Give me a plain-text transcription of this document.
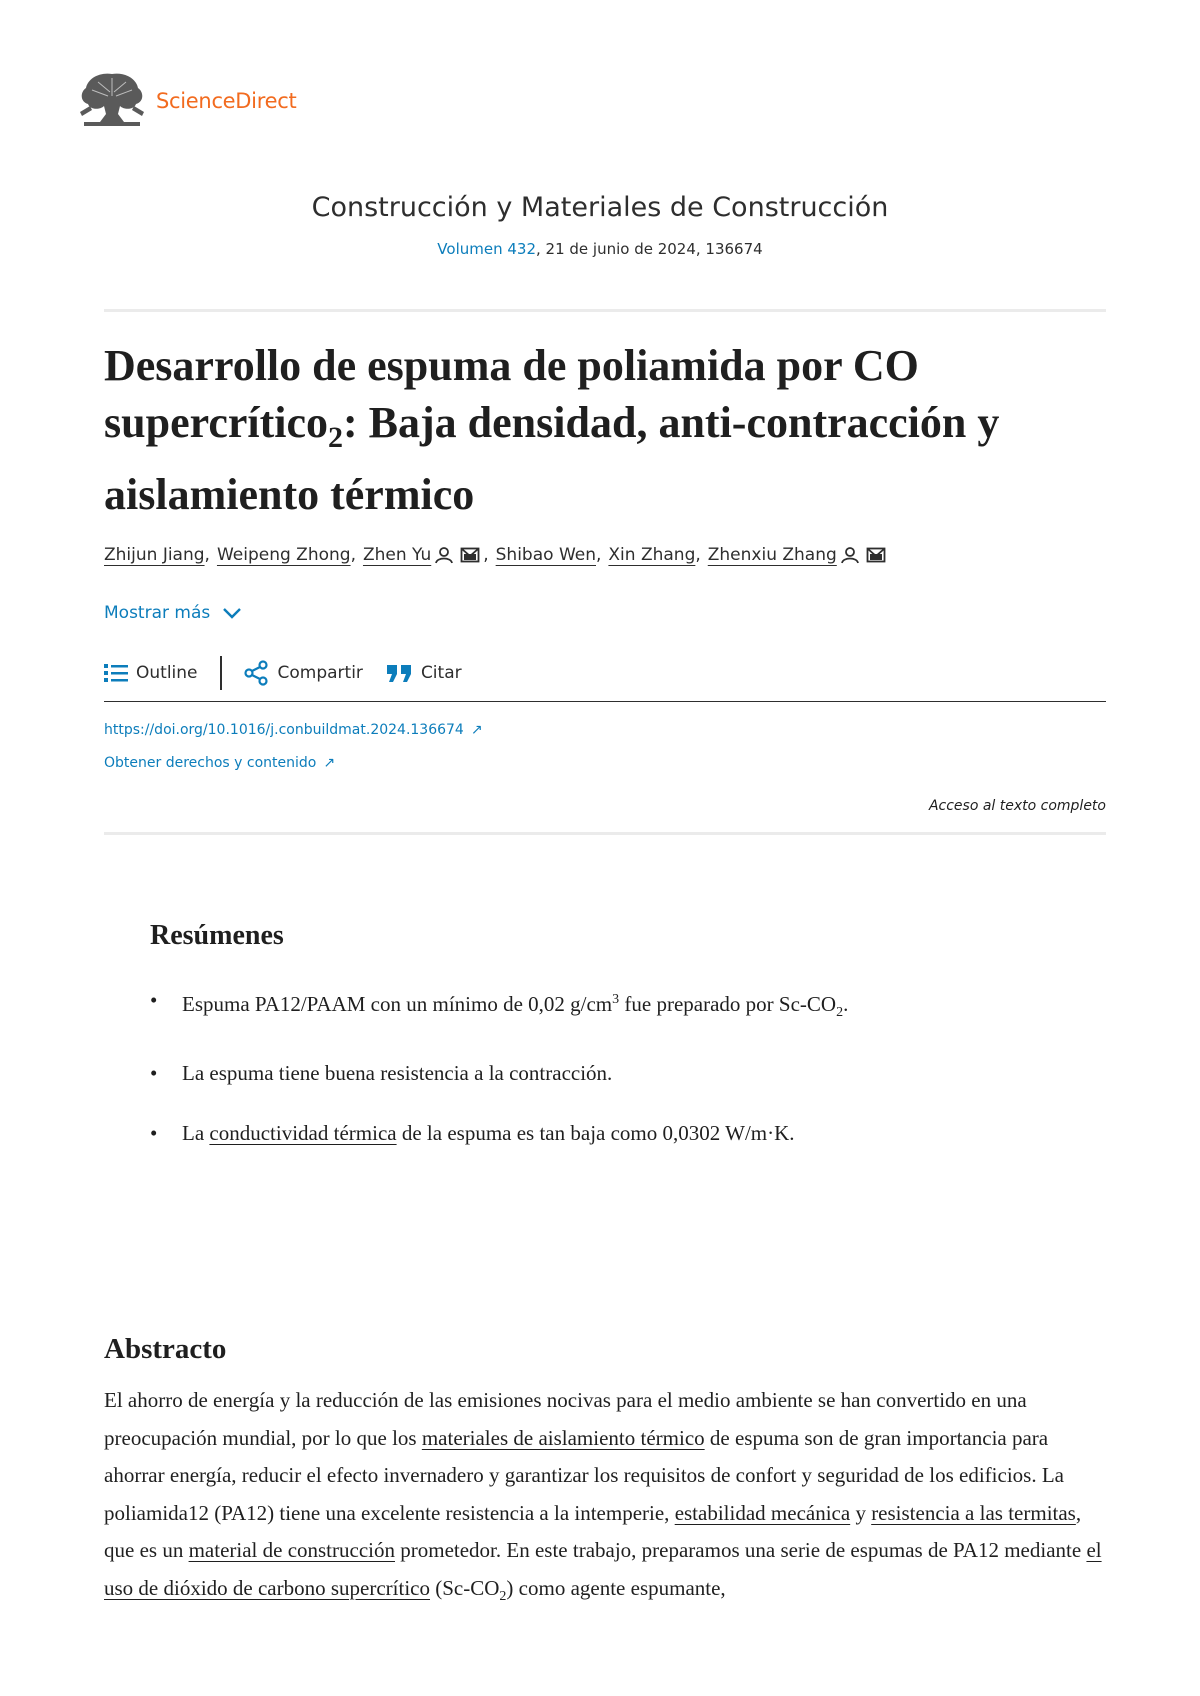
ScienceDirect
Construcción y Materiales de Construcción
Volumen 432, 21 de junio de 2024, 136674
Desarrollo de espuma de poliamida por CO supercrítico$_2$: Baja densidad, anti-contracción y aislamiento térmico
Zhijun Jiang , Weipeng Zhong , Zhen Yu	, Shibao Wen , Xin Zhang , Zhenxiu Zhang
Mostrar más
Outline	Compartir	Citar
https://doi.org/10.1016/j.conbuildmat.2024.136674 ↗
Obtener derechos y contenido ↗
Acceso al texto completo
Resúmenes
• Espuma PA12/PAAM con un mínimo de 0,02 $g/cm^3$ fue preparado por $Sc-CO_2$.
• La espuma tiene buena resistencia a la contracción.
• La conductividad térmica de la espuma es tan baja como 0,0302 W/m·K.
Abstracto

El ahorro de energía y la reducción de las emisiones nocivas para el medio ambiente se han convertido en una preocupación mundial, por lo que los materiales de aislamiento térmico de espuma son de gran importancia para ahorrar energía, reducir el efecto invernadero y garantizar los requisitos de confort y seguridad de los edificios. La poliamida12 (PA12) tiene una excelente resistencia a la intemperie, estabilidad mecánica y resistencia a las termitas, que es un material de construcción prometedor. En este trabajo, preparamos una serie de espumas de PA12 mediante el uso de dióxido de carbono supercrítico $(Sc-CO_2)$ como agente espumante,
